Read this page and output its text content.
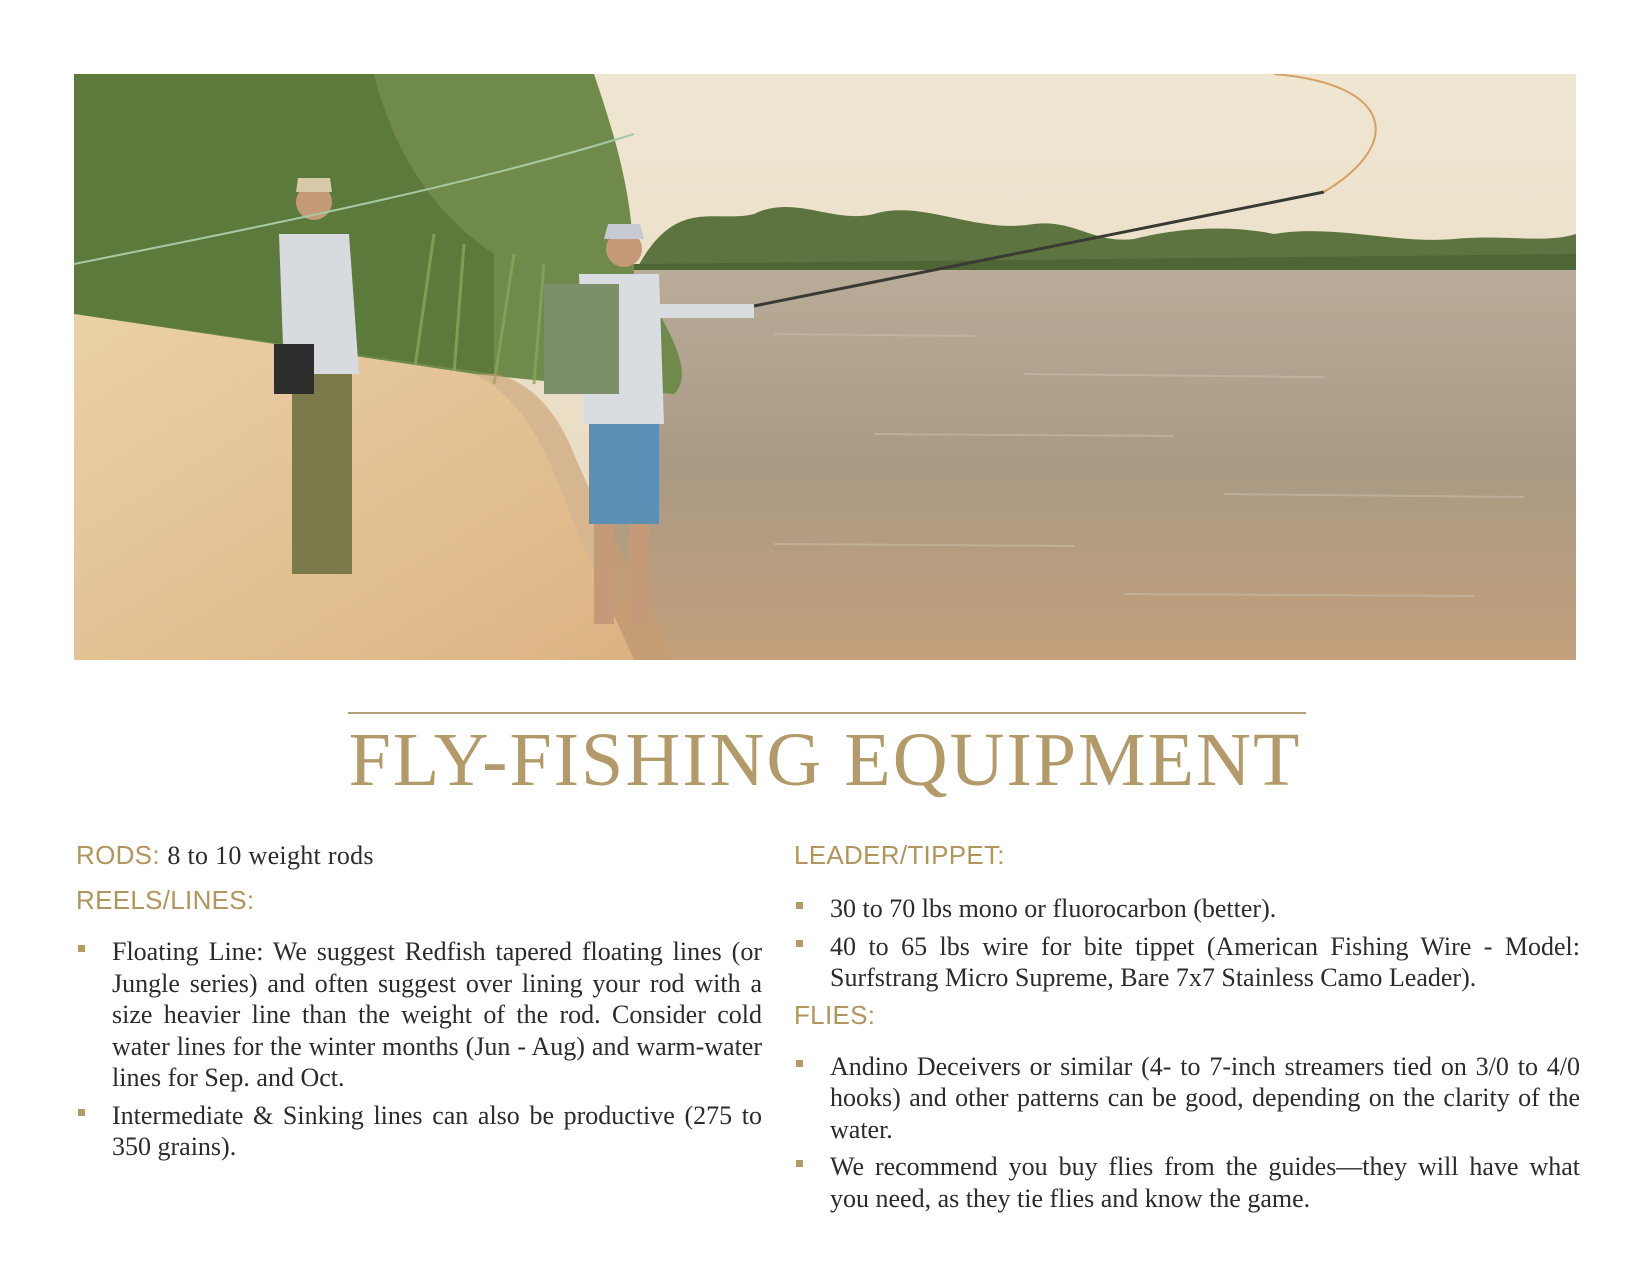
FLY-FISHING EQUIPMENT

RODS: 8 to 10 weight rods

REELS/LINES:

Floating Line: We suggest Redfish tapered floating lines (or Jungle series) and often suggest over lining your rod with a size heavier line than the weight of the rod. Consider cold water lines for the winter months (Jun - Aug) and warm-water lines for Sep. and Oct.
Intermediate & Sinking lines can also be productive (275 to 350 grains).

LEADER/TIPPET:

30 to 70 lbs mono or fluorocarbon (better).
40 to 65 lbs wire for bite tippet (American Fishing Wire - Model: Surfstrang Micro Supreme, Bare 7x7 Stainless Camo Leader).

FLIES:

Andino Deceivers or similar (4- to 7-inch streamers tied on 3/0 to 4/0 hooks) and other patterns can be good, depending on the clarity of the water.
We recommend you buy flies from the guides—they will have what you need, as they tie flies and know the game.
